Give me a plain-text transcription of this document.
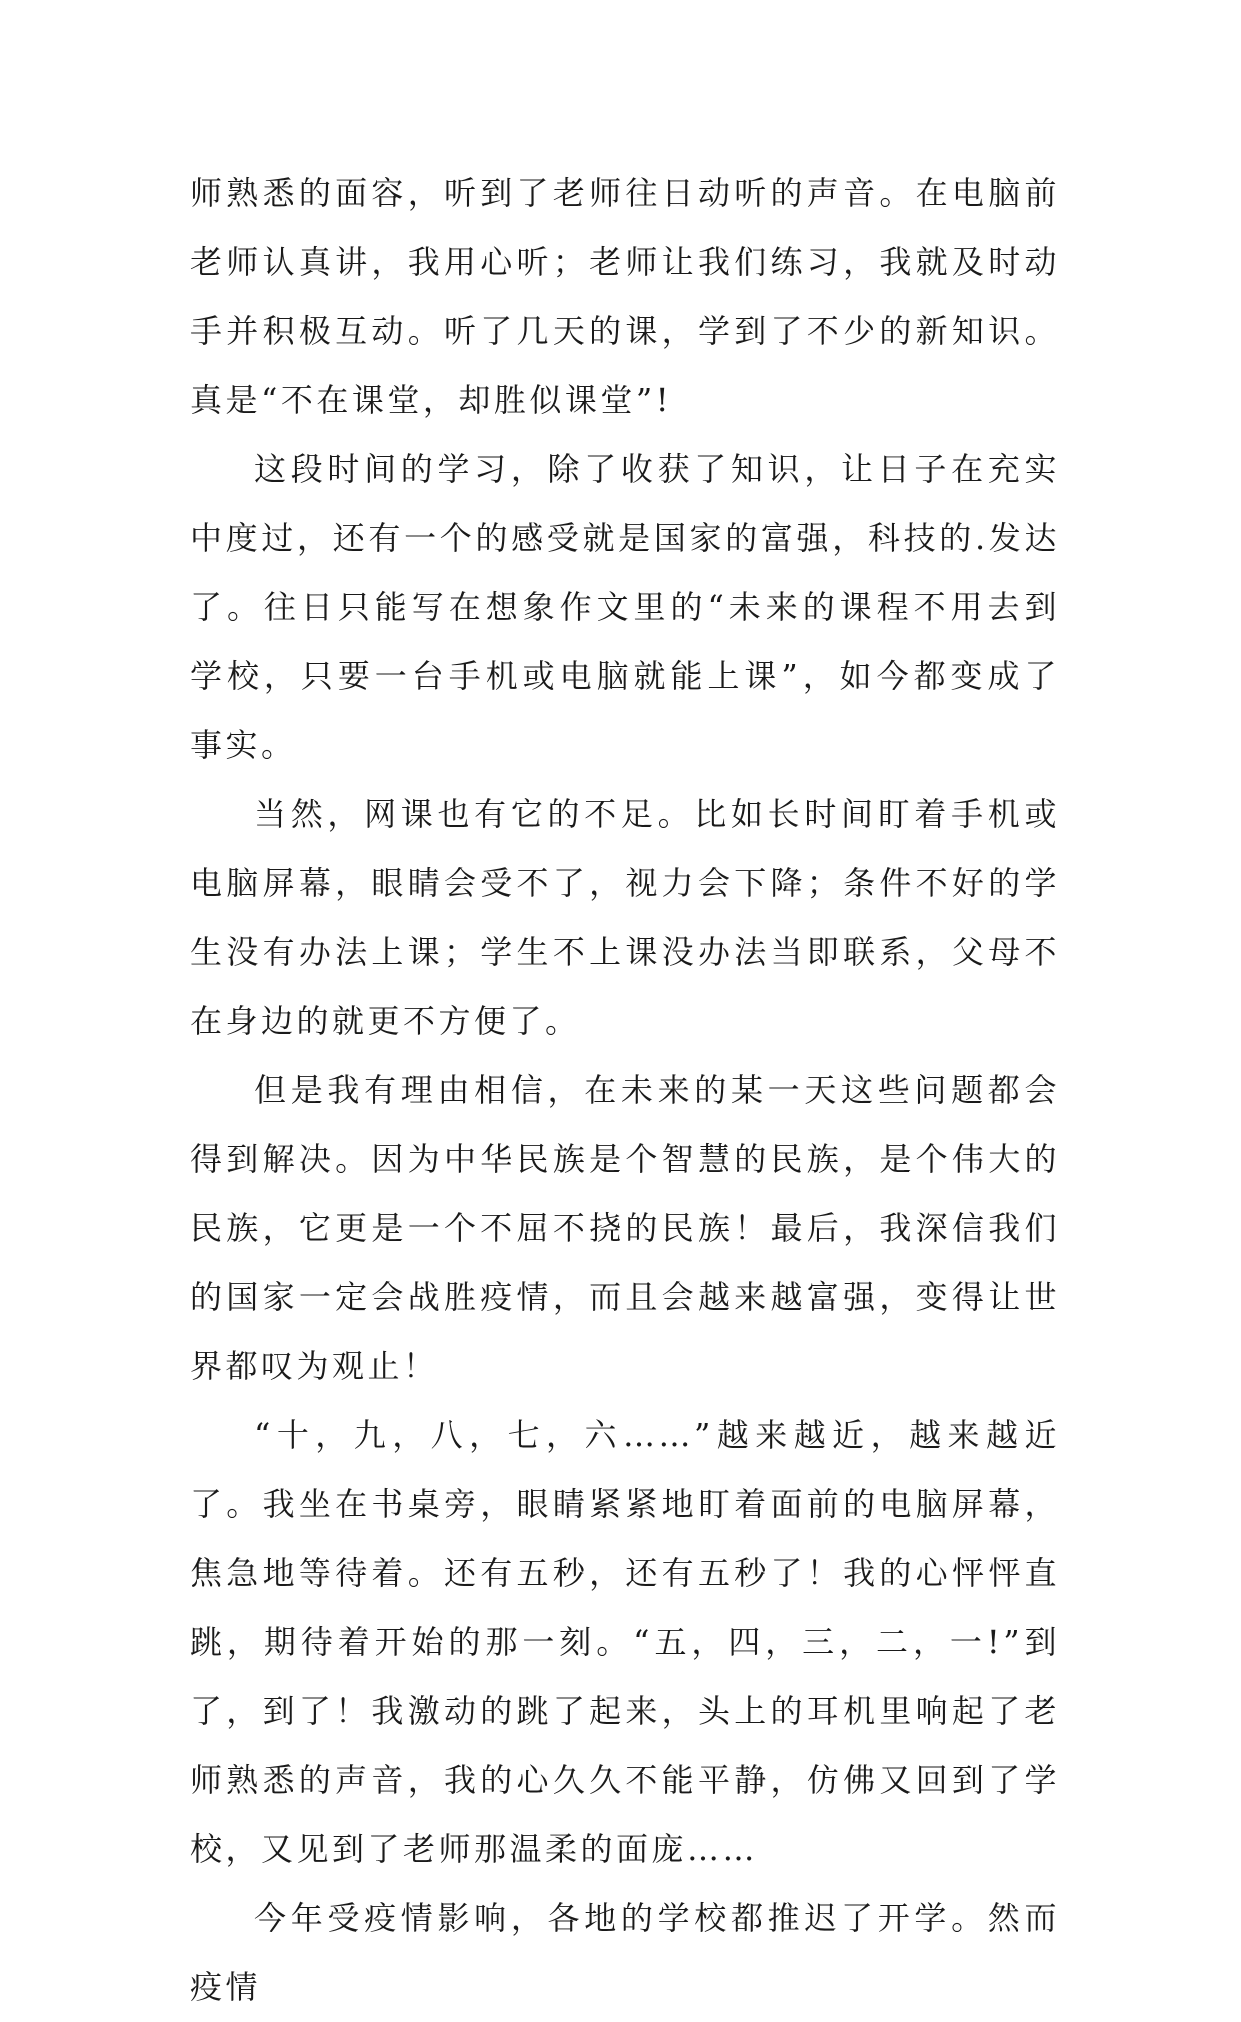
师熟悉的面容，听到了老师往日动听的声音。在电脑前老师认真讲，我用心听；老师让我们练习，我就及时动手并积极互动。听了几天的课，学到了不少的新知识。真是“不在课堂，却胜似课堂”!

这段时间的学习，除了收获了知识，让日子在充实中度过，还有一个的感受就是国家的富强，科技的.发达了。往日只能写在想象作文里的“未来的课程不用去到学校，只要一台手机或电脑就能上课”，如今都变成了事实。

当然，网课也有它的不足。比如长时间盯着手机或电脑屏幕，眼睛会受不了，视力会下降；条件不好的学生没有办法上课；学生不上课没办法当即联系，父母不在身边的就更不方便了。

但是我有理由相信，在未来的某一天这些问题都会得到解决。因为中华民族是个智慧的民族，是个伟大的民族，它更是一个不屈不挠的民族！最后，我深信我们的国家一定会战胜疫情，而且会越来越富强，变得让世界都叹为观止！

“十，九，八，七，六……”越来越近，越来越近了。我坐在书桌旁，眼睛紧紧地盯着面前的电脑屏幕，焦急地等待着。还有五秒，还有五秒了！我的心怦怦直跳，期待着开始的那一刻。“五，四，三，二，一!”到了，到了！我激动的跳了起来，头上的耳机里响起了老师熟悉的声音，我的心久久不能平静，仿佛又回到了学校，又见到了老师那温柔的面庞……

今年受疫情影响，各地的学校都推迟了开学。然而疫情
